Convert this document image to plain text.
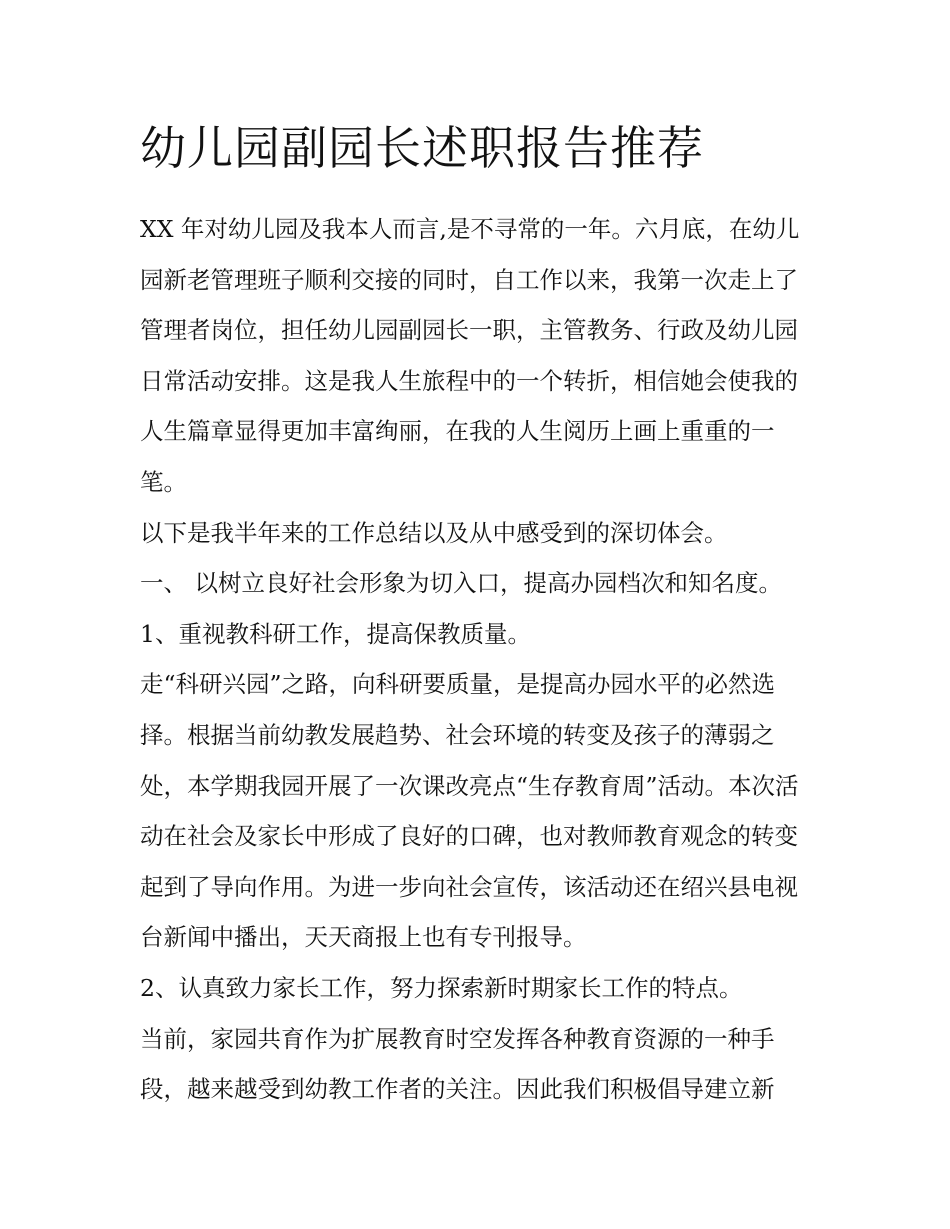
幼儿园副园长述职报告推荐

XX 年对幼儿园及我本人而言,是不寻常的一年。六月底，在幼儿园新老管理班子顺利交接的同时，自工作以来，我第一次走上了管理者岗位，担任幼儿园副园长一职，主管教务、行政及幼儿园日常活动安排。这是我人生旅程中的一个转折，相信她会使我的人生篇章显得更加丰富绚丽，在我的人生阅历上画上重重的一笔。

以下是我半年来的工作总结以及从中感受到的深切体会。

一、 以树立良好社会形象为切入口，提高办园档次和知名度。 1、重视教科研工作，提高保教质量。

走“科研兴园”之路，向科研要质量，是提高办园水平的必然选择。根据当前幼教发展趋势、社会环境的转变及孩子的薄弱之处，本学期我园开展了一次课改亮点“生存教育周”活动。本次活动在社会及家长中形成了良好的口碑，也对教师教育观念的转变起到了导向作用。为进一步向社会宣传，该活动还在绍兴县电视台新闻中播出，天天商报上也有专刊报导。

2、认真致力家长工作，努力探索新时期家长工作的特点。

当前，家园共育作为扩展教育时空发挥各种教育资源的一种手段，越来越受到幼教工作者的关注。因此我们积极倡导建立新
